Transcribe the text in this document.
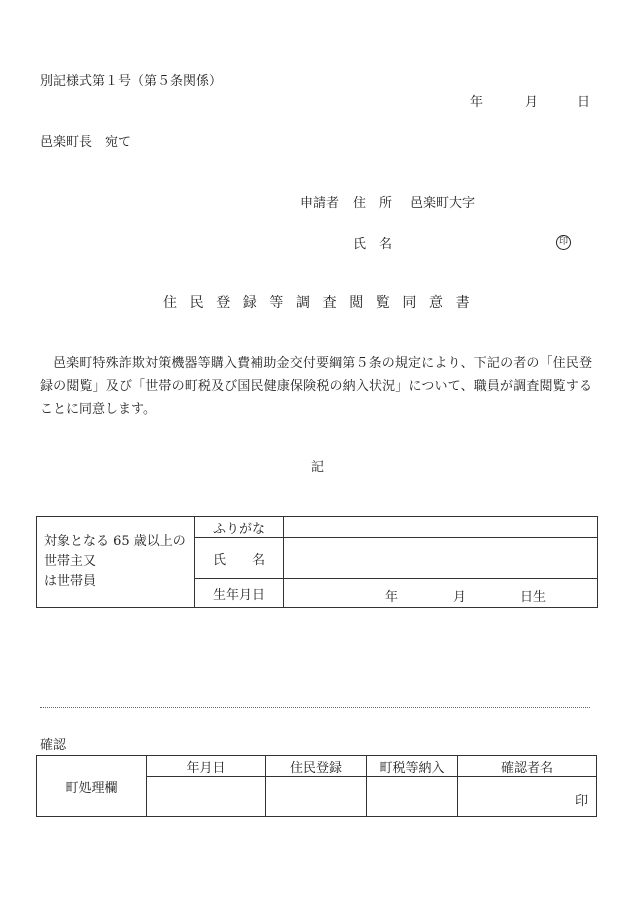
別記様式第１号（第５条関係）
年	月	日
邑楽町長　宛て
申請者 住　所 邑楽町大字
氏　名	印
住民登録等調査閲覧同意書
邑楽町特殊詐欺対策機器等購入費補助金交付要綱第５条の規定により、下記の者の「住民登録の閲覧」及び「世帯の町税及び国民健康保険税の納入状況」について、職員が調査閲覧することに同意します。
記
対象となる 65 歳以上の
世帯主又
は世帯員	ふりがな	
	氏　　名	
	生年月日	年 月 日生
確認
町処理欄	年月日	住民登録	町税等納入	確認者名

				印
